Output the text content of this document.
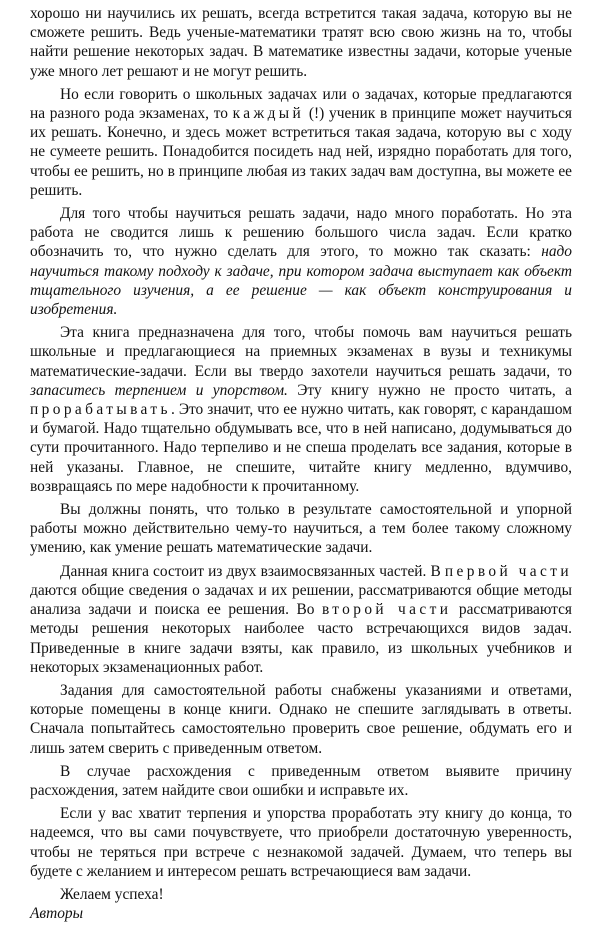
хорошо ни научились их решать, всегда встретится такая задача, которую вы не сможете решить. Ведь ученые-математики тратят всю свою жизнь на то, чтобы найти решение некоторых задач. В математике известны задачи, которые ученые уже много лет решают и не могут решить.

Но если говорить о школьных задачах или о задачах, которые предлагаются на разного рода экзаменах, то каждый (!) ученик в принципе может научиться их решать. Конечно, и здесь может встретиться такая задача, которую вы с ходу не сумеете решить. Понадобится посидеть над ней, изрядно поработать для того, чтобы ее решить, но в принципе любая из таких задач вам доступна, вы можете ее решить.

Для того чтобы научиться решать задачи, надо много поработать. Но эта работа не сводится лишь к решению большого числа задач. Если кратко обозначить то, что нужно сделать для этого, то можно так сказать: надо научиться такому подходу к задаче, при котором задача выступает как объект тщательного изучения, а ее решение — как объект конструирования и изобретения.

Эта книга предназначена для того, чтобы помочь вам научиться решать школьные и предлагающиеся на приемных экзаменах в вузы и техникумы математические-задачи. Если вы твердо захотели научиться решать задачи, то запаситесь терпением и упорством. Эту книгу нужно не просто читать, а прорабатывать. Это значит, что ее нужно читать, как говорят, с карандашом и бумагой. Надо тщательно обдумывать все, что в ней написано, додумываться до сути прочитанного. Надо терпеливо и не спеша проделать все задания, которые в ней указаны. Главное, не спешите, читайте книгу медленно, вдумчиво, возвращаясь по мере надобности к прочитанному.

Вы должны понять, что только в результате самостоятельной и упорной работы можно действительно чему-то научиться, а тем более такому сложному умению, как умение решать математические задачи.

Данная книга состоит из двух взаимосвязанных частей. В первой части даются общие сведения о задачах и их решении, рассматриваются общие методы анализа задачи и поиска ее решения. Во второй части рассматриваются методы решения некоторых наиболее часто встречающихся видов задач. Приведенные в книге задачи взяты, как правило, из школьных учебников и некоторых экзаменационных работ.

Задания для самостоятельной работы снабжены указаниями и ответами, которые помещены в конце книги. Однако не спешите заглядывать в ответы. Сначала попытайтесь самостоятельно проверить свое решение, обдумать его и лишь затем сверить с приведенным ответом.

В случае расхождения с приведенным ответом выявите причину расхождения, затем найдите свои ошибки и исправьте их.

Если у вас хватит терпения и упорства проработать эту книгу до конца, то надеемся, что вы сами почувствуете, что приобрели достаточную уверенность, чтобы не теряться при встрече с незнакомой задачей. Думаем, что теперь вы будете с желанием и интересом решать встречающиеся вам задачи.

Желаем успеха!

Авторы
